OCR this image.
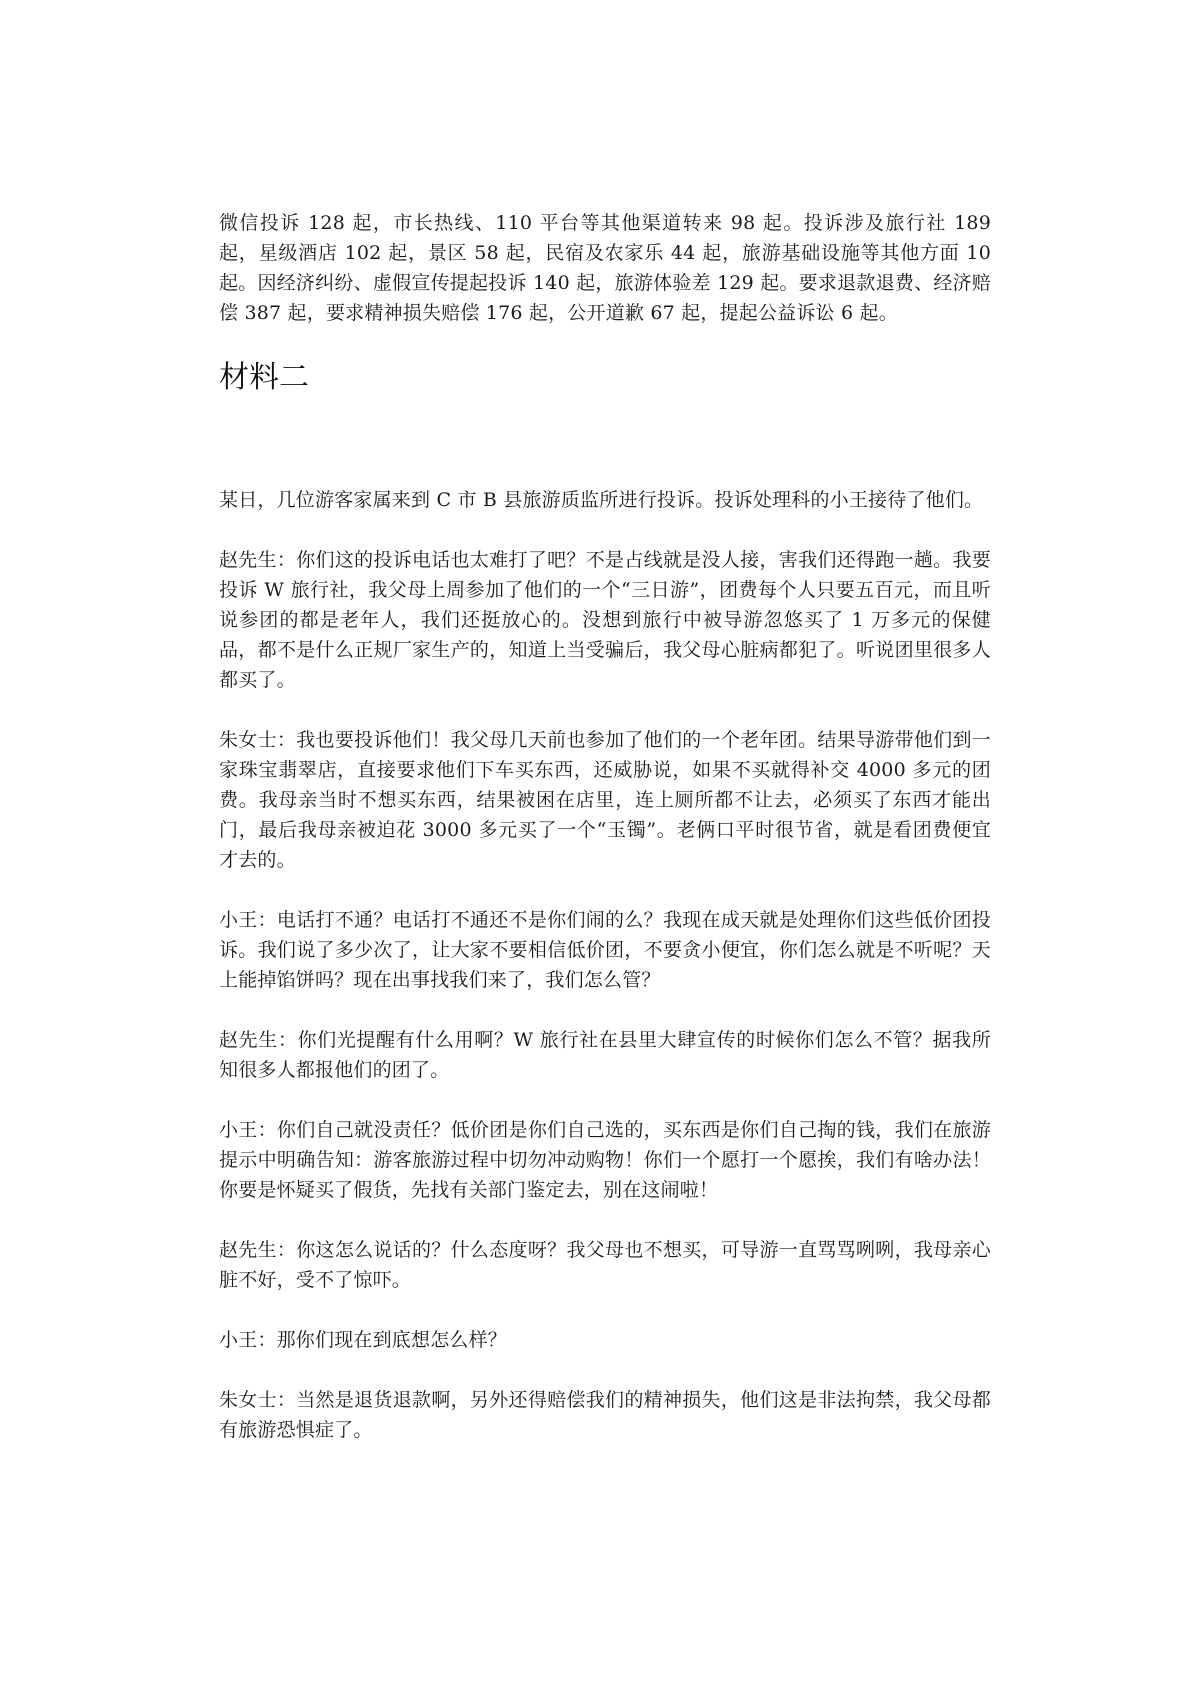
微信投诉 128 起，市长热线、110 平台等其他渠道转来 98 起。投诉涉及旅行社 189 起，星级酒店 102 起，景区 58 起，民宿及农家乐 44 起，旅游基础设施等其他方面 10 起。因经济纠纷、虚假宣传提起投诉 140 起，旅游体验差 129 起。要求退款退费、经济赔偿 387 起，要求精神损失赔偿 176 起，公开道歉 67 起，提起公益诉讼 6 起。

材料二

某日，几位游客家属来到 C 市 B 县旅游质监所进行投诉。投诉处理科的小王接待了他们。

赵先生：你们这的投诉电话也太难打了吧？不是占线就是没人接，害我们还得跑一趟。我要投诉 W 旅行社，我父母上周参加了他们的一个“三日游”，团费每个人只要五百元，而且听说参团的都是老年人，我们还挺放心的。没想到旅行中被导游忽悠买了 1 万多元的保健品，都不是什么正规厂家生产的，知道上当受骗后，我父母心脏病都犯了。听说团里很多人都买了。

朱女士：我也要投诉他们！我父母几天前也参加了他们的一个老年团。结果导游带他们到一家珠宝翡翠店，直接要求他们下车买东西，还威胁说，如果不买就得补交 4000 多元的团费。我母亲当时不想买东西，结果被困在店里，连上厕所都不让去，必须买了东西才能出门，最后我母亲被迫花 3000 多元买了一个“玉镯”。老俩口平时很节省，就是看团费便宜才去的。

小王：电话打不通？电话打不通还不是你们闹的么？我现在成天就是处理你们这些低价团投诉。我们说了多少次了，让大家不要相信低价团，不要贪小便宜，你们怎么就是不听呢？天上能掉馅饼吗？现在出事找我们来了，我们怎么管？

赵先生：你们光提醒有什么用啊？W 旅行社在县里大肆宣传的时候你们怎么不管？据我所知很多人都报他们的团了。

小王：你们自己就没责任？低价团是你们自己选的，买东西是你们自己掏的钱，我们在旅游提示中明确告知：游客旅游过程中切勿冲动购物！你们一个愿打一个愿挨，我们有啥办法！你要是怀疑买了假货，先找有关部门鉴定去，别在这闹啦！

赵先生：你这怎么说话的？什么态度呀？我父母也不想买，可导游一直骂骂咧咧，我母亲心脏不好，受不了惊吓。

小王：那你们现在到底想怎么样？

朱女士：当然是退货退款啊，另外还得赔偿我们的精神损失，他们这是非法拘禁，我父母都有旅游恐惧症了。
